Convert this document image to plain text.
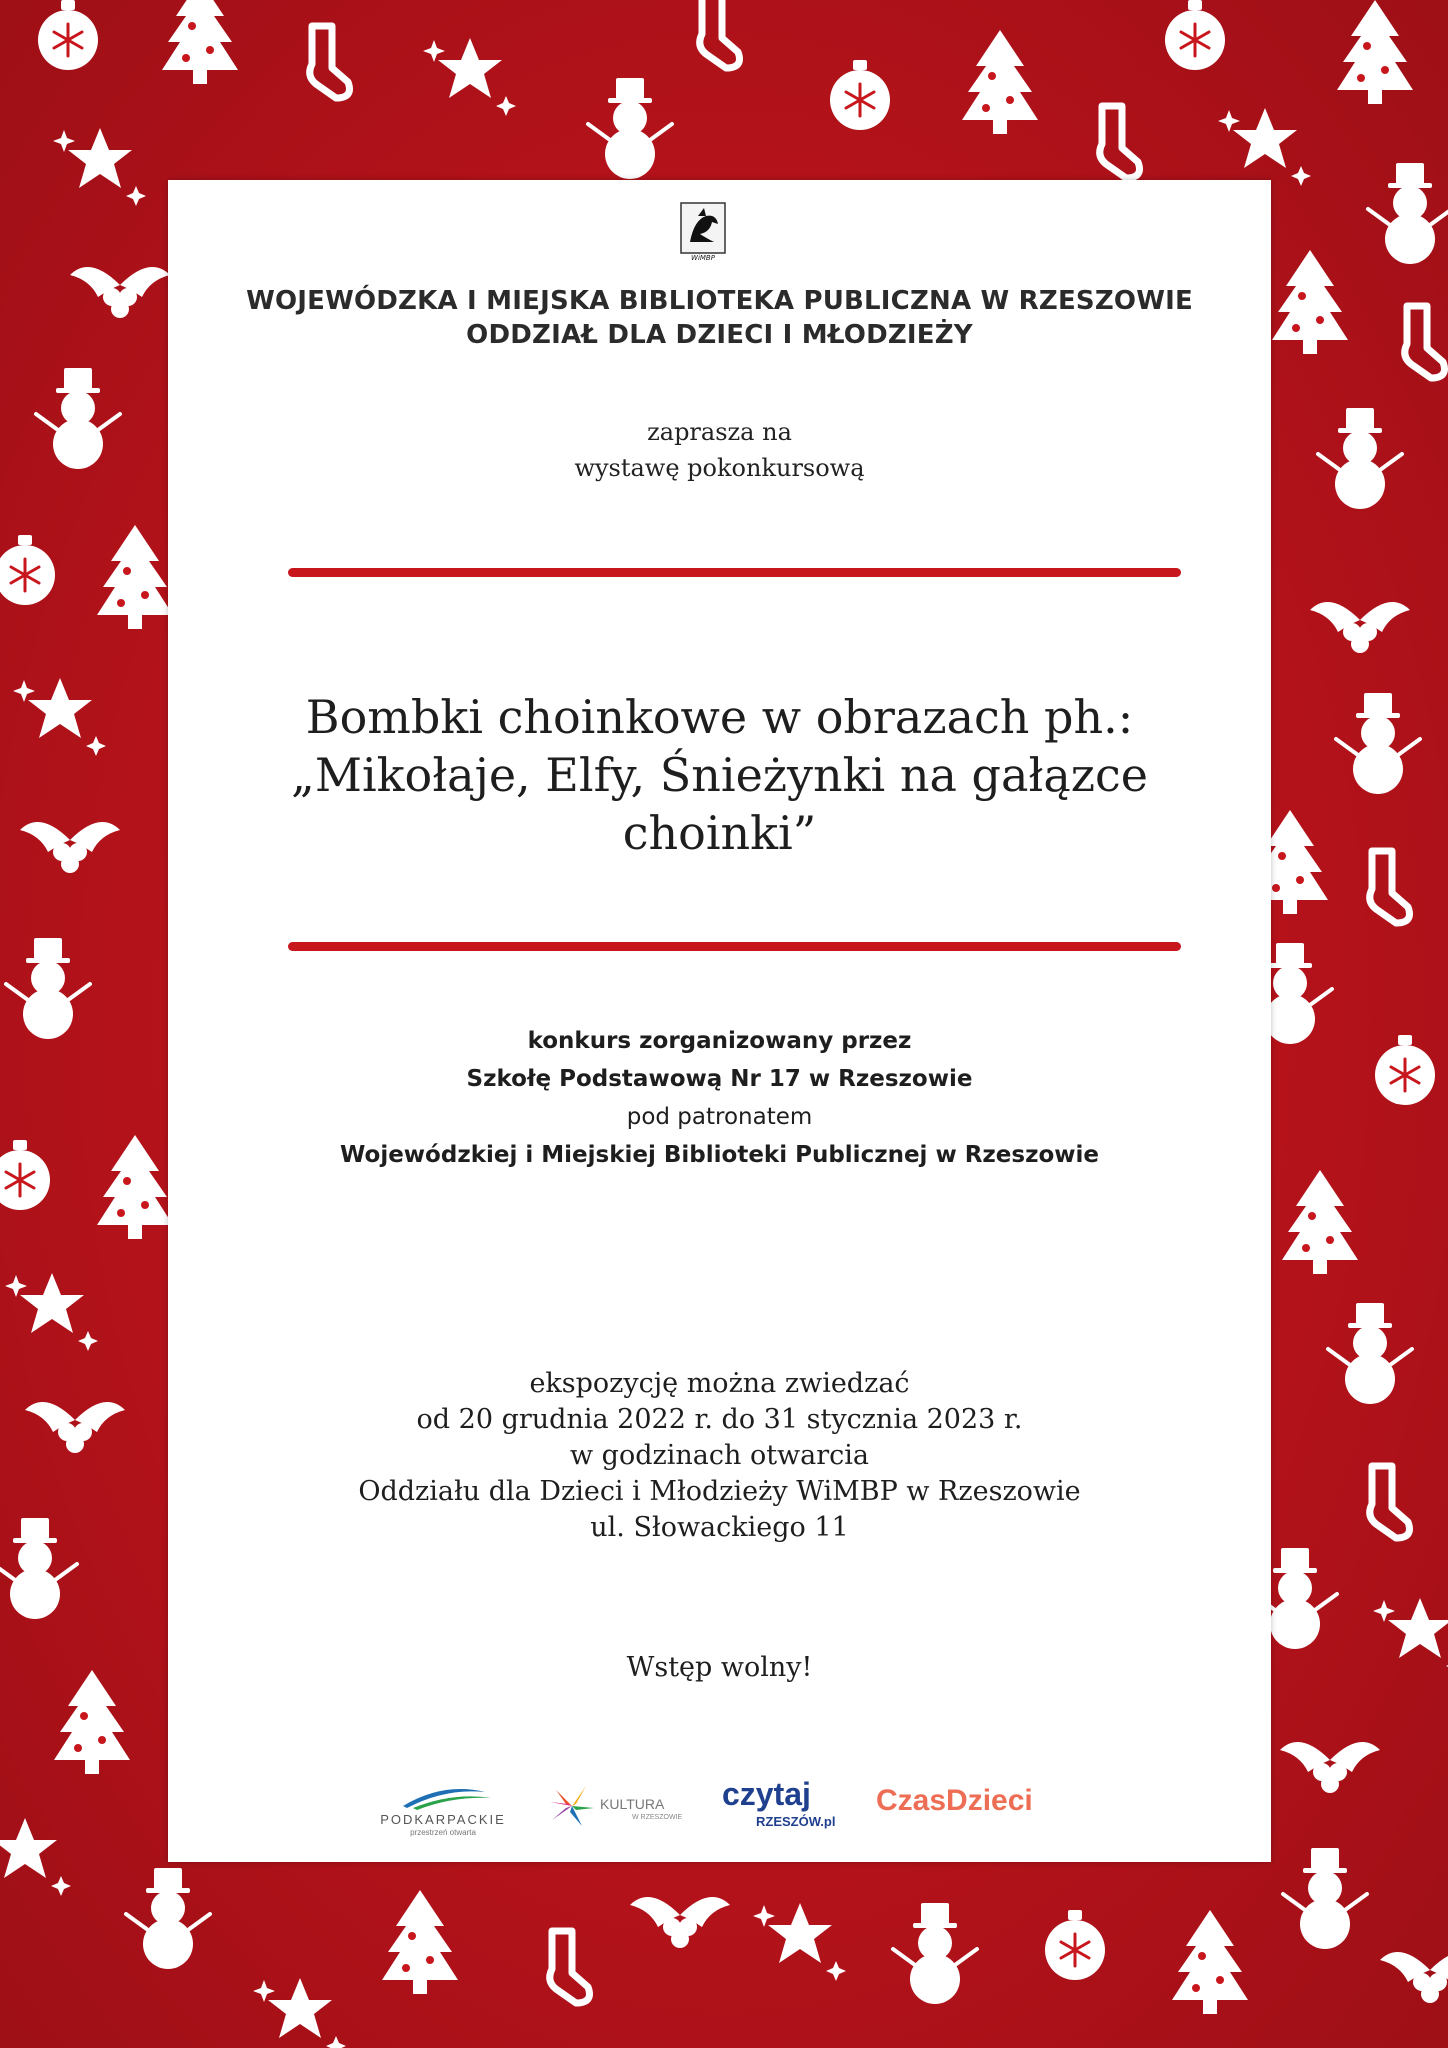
WiMBP
WOJEWÓDZKA I MIEJSKA BIBLIOTEKA PUBLICZNA W RZESZOWIE
ODDZIAŁ DLA DZIECI I MŁODZIEŻY
zaprasza na
wystawę pokonkursową
Bombki choinkowe w obrazach ph.:
„Mikołaje, Elfy, Śnieżynki na gałązce
choinki”
konkurs zorganizowany przez
Szkołę Podstawową Nr 17 w Rzeszowie
pod patronatem
Wojewódzkiej i Miejskiej Biblioteki Publicznej w Rzeszowie
ekspozycję można zwiedzać
od 20 grudnia 2022 r. do 31 stycznia 2023 r.
w godzinach otwarcia
Oddziału dla Dzieci i Młodzieży WiMBP w Rzeszowie
ul. Słowackiego 11
Wstęp wolny!
PODKARPACKIE
przestrzeń otwarta
KULTURA
W RZESZOWIE
czytaj
RZESZÓW.pl
CzasDzieci
